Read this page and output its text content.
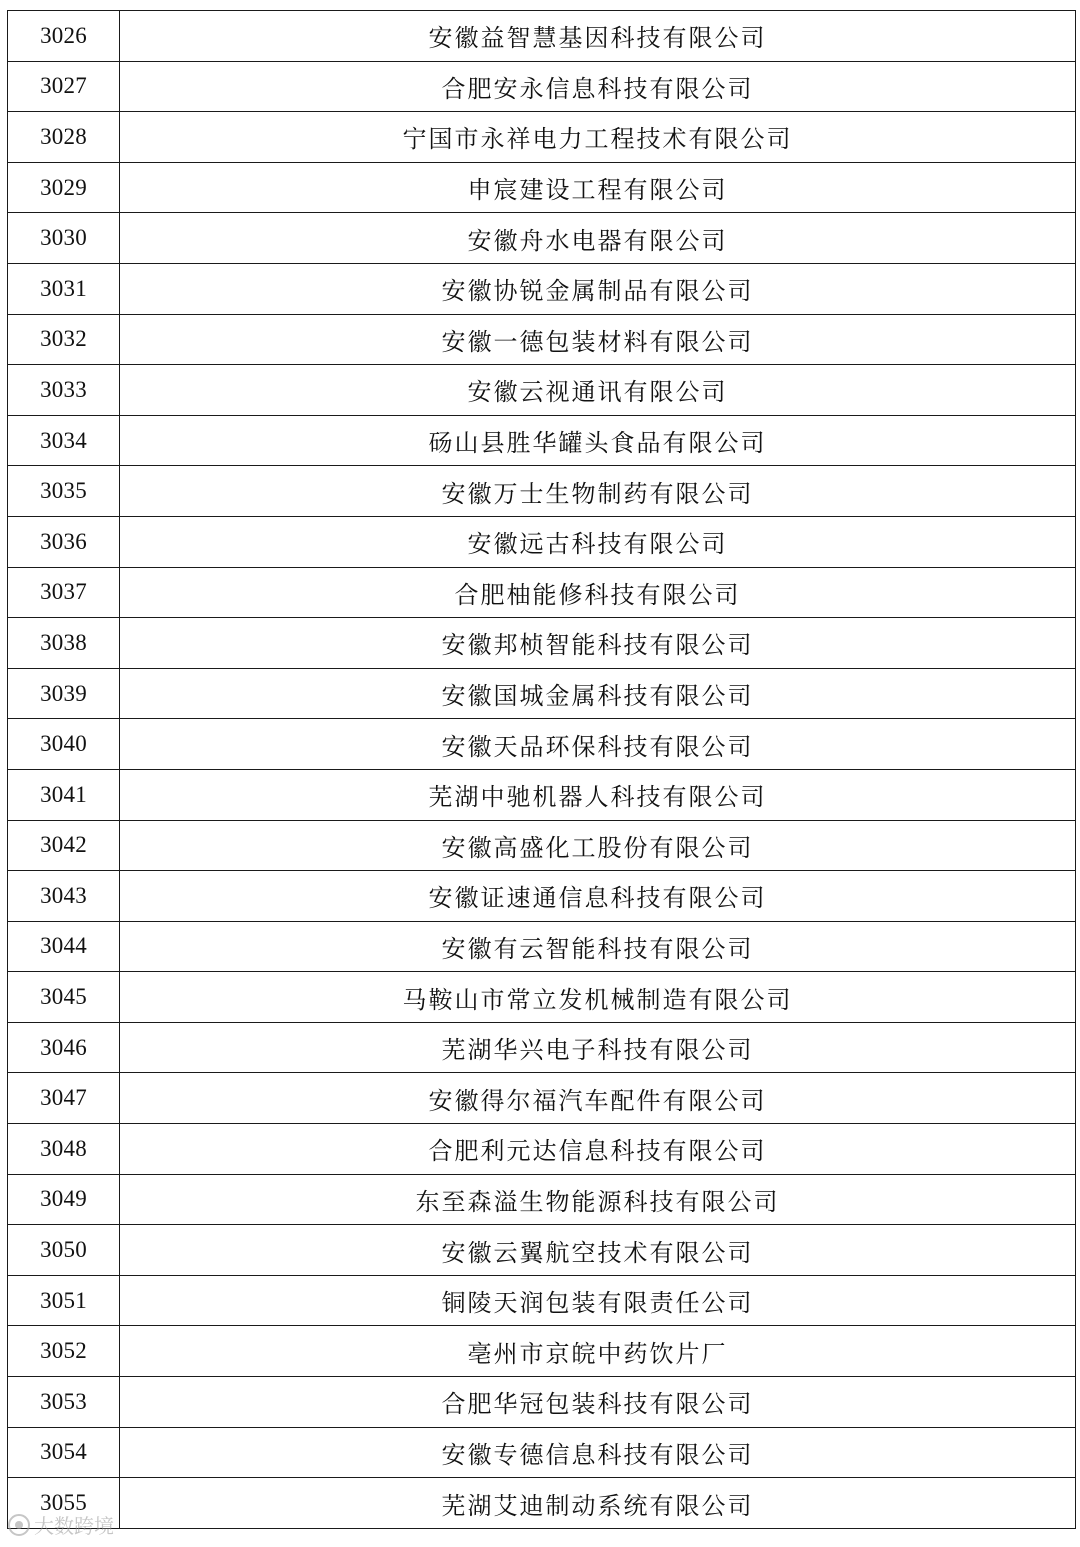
3026	安徽益智慧基因科技有限公司
3027	合肥安永信息科技有限公司
3028	宁国市永祥电力工程技术有限公司
3029	申宸建设工程有限公司
3030	安徽舟水电器有限公司
3031	安徽协锐金属制品有限公司
3032	安徽一德包装材料有限公司
3033	安徽云视通讯有限公司
3034	砀山县胜华罐头食品有限公司
3035	安徽万士生物制药有限公司
3036	安徽远古科技有限公司
3037	合肥柚能修科技有限公司
3038	安徽邦桢智能科技有限公司
3039	安徽国城金属科技有限公司
3040	安徽天品环保科技有限公司
3041	芜湖中驰机器人科技有限公司
3042	安徽高盛化工股份有限公司
3043	安徽证速通信息科技有限公司
3044	安徽有云智能科技有限公司
3045	马鞍山市常立发机械制造有限公司
3046	芜湖华兴电子科技有限公司
3047	安徽得尔福汽车配件有限公司
3048	合肥利元达信息科技有限公司
3049	东至森溢生物能源科技有限公司
3050	安徽云翼航空技术有限公司
3051	铜陵天润包装有限责任公司
3052	亳州市京皖中药饮片厂
3053	合肥华冠包装科技有限公司
3054	安徽专德信息科技有限公司
3055	芜湖艾迪制动系统有限公司
大数跨境
